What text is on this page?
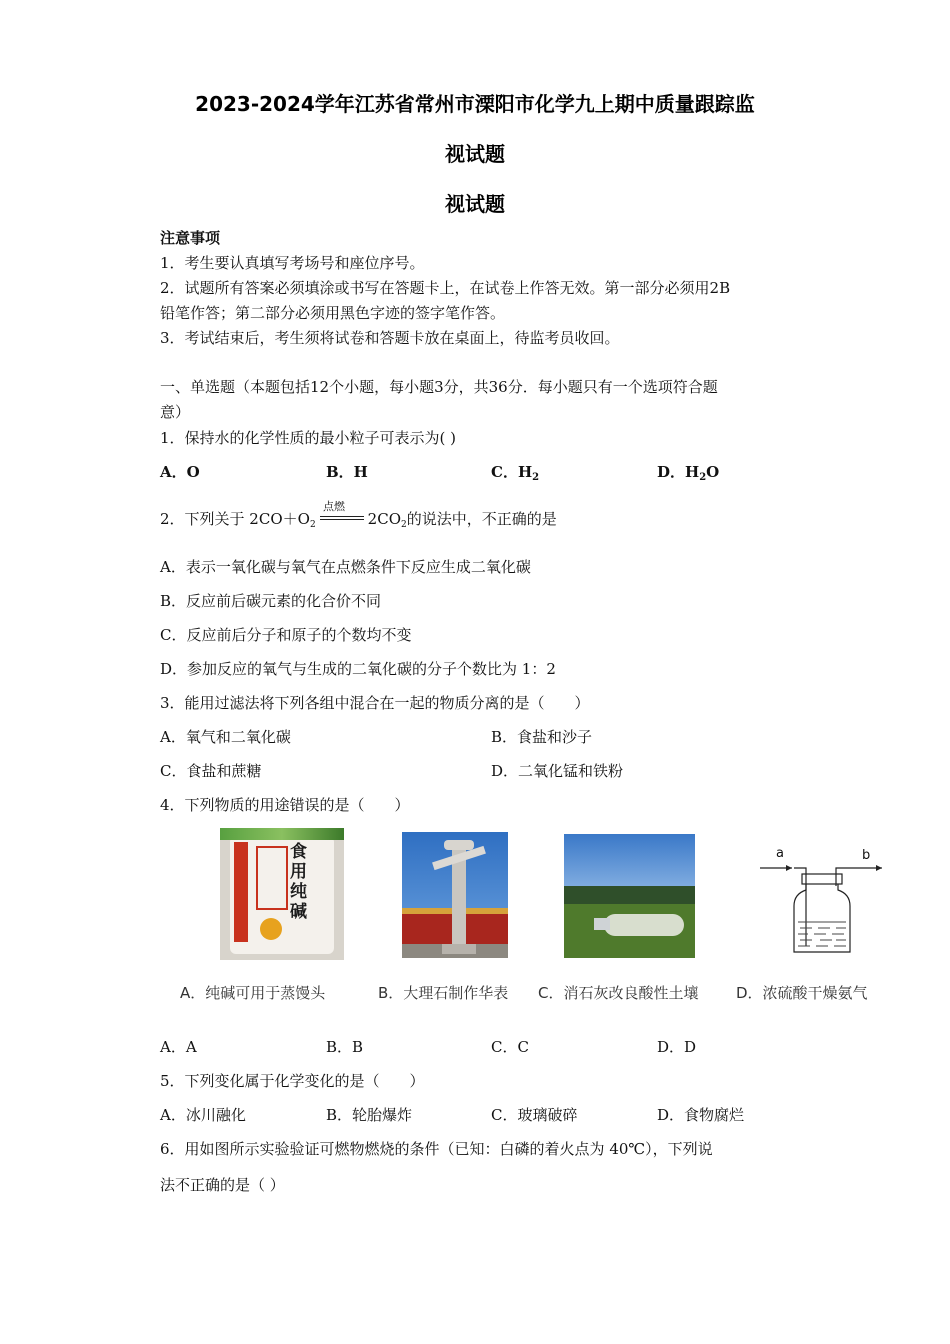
2023-2024学年江苏省常州市溧阳市化学九上期中质量跟踪监
视试题
视试题
注意事项
1．考生要认真填写考场号和座位序号。
2．试题所有答案必须填涂或书写在答题卡上，在试卷上作答无效。第一部分必须用2B
铅笔作答；第二部分必须用黑色字迹的签字笔作答。
3．考试结束后，考生须将试卷和答题卡放在桌面上，待监考员收回。
一、单选题（本题包括12个小题，每小题3分，共36分．每小题只有一个选项符合题
意）
1．保持水的化学性质的最小粒子可表示为( )
A．O	B．H	C．$H_2$	D．$H_2O$
2．下列关于 $2CO+O_2$	$2CO_2$的说法中，不正确的是
点燃
A．表示一氧化碳与氧气在点燃条件下反应生成二氧化碳
B．反应前后碳元素的化合价不同
C．反应前后分子和原子的个数均不变
D．参加反应的氧气与生成的二氧化碳的分子个数比为 1：2
3．能用过滤法将下列各组中混合在一起的物质分离的是（　　）
A．氧气和二氧化碳	B．食盐和沙子
C．食盐和蔗糖	D．二氧化锰和铁粉
4．下列物质的用途错误的是（　　）
食用纯碱
a	b
A．纯碱可用于蒸馒头	B．大理石制作华表 C．消石灰改良酸性土壤	D．浓硫酸干燥氨气
A．A	B．B	C．C	D．D
5．下列变化属于化学变化的是（　　）
A．冰川融化	B．轮胎爆炸	C．玻璃破碎	D．食物腐烂
6．用如图所示实验验证可燃物燃烧的条件（已知：白磷的着火点为 40℃），下列说
法不正确的是（ ）
